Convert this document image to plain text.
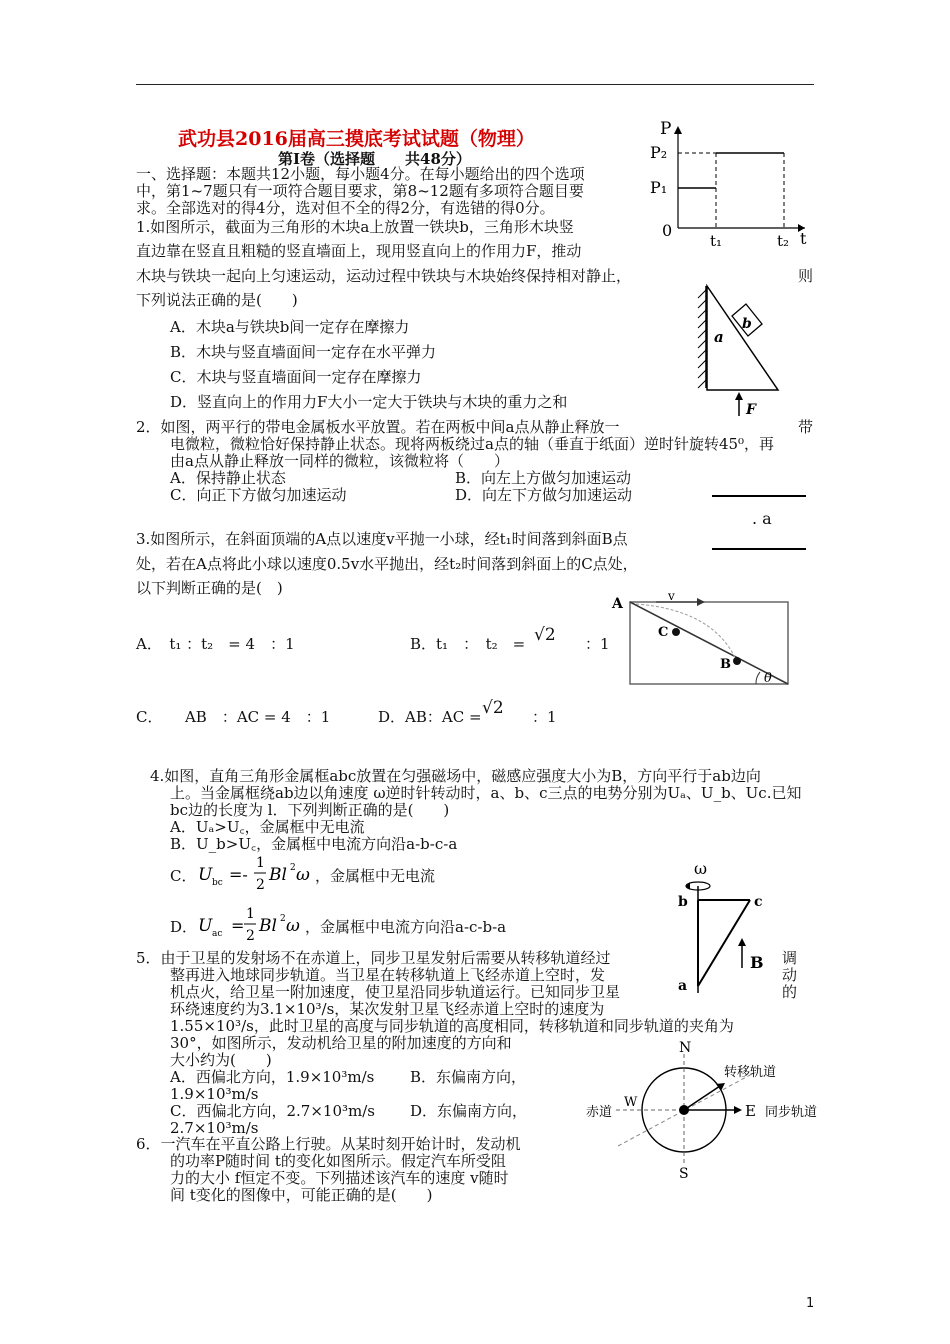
武功县2016届高三摸底考试试题（物理）
第Ⅰ卷（选择题　　共48分）
P
P₂
P₁
0
t₁	t₂ t
一、选择题：本题共12小题，每小题4分。在每小题给出的四个选项
中，第1~7题只有一项符合题目要求，第8~12题有多项符合题目要
求。全部选对的得4分，选对但不全的得2分，有选错的得0分。
1.如图所示，截面为三角形的木块a上放置一铁块b，三角形木块竖
直边靠在竖直且粗糙的竖直墙面上，现用竖直向上的作用力F，推动
木块与铁块一起向上匀速运动，运动过程中铁块与木块始终保持相对静止，	则
下列说法正确的是(　　)
A．木块a与铁块b间一定存在摩擦力
B．木块与竖直墙面间一定存在水平弹力
C．木块与竖直墙面间一定存在摩擦力
D．竖直向上的作用力F大小一定大于铁块与木块的重力之和
a
b
F
2．如图，两平行的带电金属板水平放置。若在两板中间a点从静止释放一	带
电微粒，微粒恰好保持静止状态。现将两板绕过a点的轴（垂直于纸面）逆时针旋转45⁰，再
由a点从静止释放一同样的微粒，该微粒将（　　）
A．保持静止状态	B．向左上方做匀加速运动
C．向正下方做匀加速运动	D．向左下方做匀加速运动
. a
3.如图所示，在斜面顶端的A点以速度v平抛一小球，经t₁时间落到斜面B点
处，若在A点将此小球以速度0.5v水平抛出，经t₂时间落到斜面上的C点处，
以下判断正确的是(　)
A．　t₁ ：t₂　= 4　：1	B．t₁　：　t₂　= √2 ：1
C．　　AB　：AC = 4　：1	D．AB：AC = √2 ：1
A	v
C
B
θ
4.如图，直角三角形金属框abc放置在匀强磁场中，磁感应强度大小为B，方向平行于ab边向
上。当金属框绕ab边以角速度 ω逆时针转动时，a、b、c三点的电势分别为Uₐ、U_b、Uc.已知
bc边的长度为 l．下列判断正确的是(　　)
A．Uₐ>U꜀，金属框中无电流
B．U_b>U꜀，金属框中电流方向沿a-b-c-a
C． U bc =-
1
2 Bl 2 ω ，金属框中无电流
D． U ac =
1
2 Bl 2 ω ，金属框中电流方向沿a-c-b-a
ω
b	c
a
B
5．由于卫星的发射场不在赤道上，同步卫星发射后需要从转移轨道经过	调
整再进入地球同步轨道。当卫星在转移轨道上飞经赤道上空时，发	动
机点火，给卫星一附加速度，使卫星沿同步轨道运行。已知同步卫星	的
环绕速度约为3.1×10³/s，某次发射卫星飞经赤道上空时的速度为
1.55×10³/s，此时卫星的高度与同步轨道的高度相同，转移轨道和同步轨道的夹角为
30°，如图所示，发动机给卫星的附加速度的方向和
大小约为(　　)
A．西偏北方向，1.9×10³m/s B．东偏南方向，
1.9×10³m/s
C．西偏北方向，2.7×10³m/s D．东偏南方向，
2.7×10³m/s
N
S
W	E
转移轨道
赤道	同步轨道
6．一汽车在平直公路上行驶。从某时刻开始计时，发动机
的功率P随时间 t的变化如图所示。假定汽车所受阻
力的大小 f恒定不变。下列描述该汽车的速度 v随时
间 t变化的图像中，可能正确的是(　　)
1
